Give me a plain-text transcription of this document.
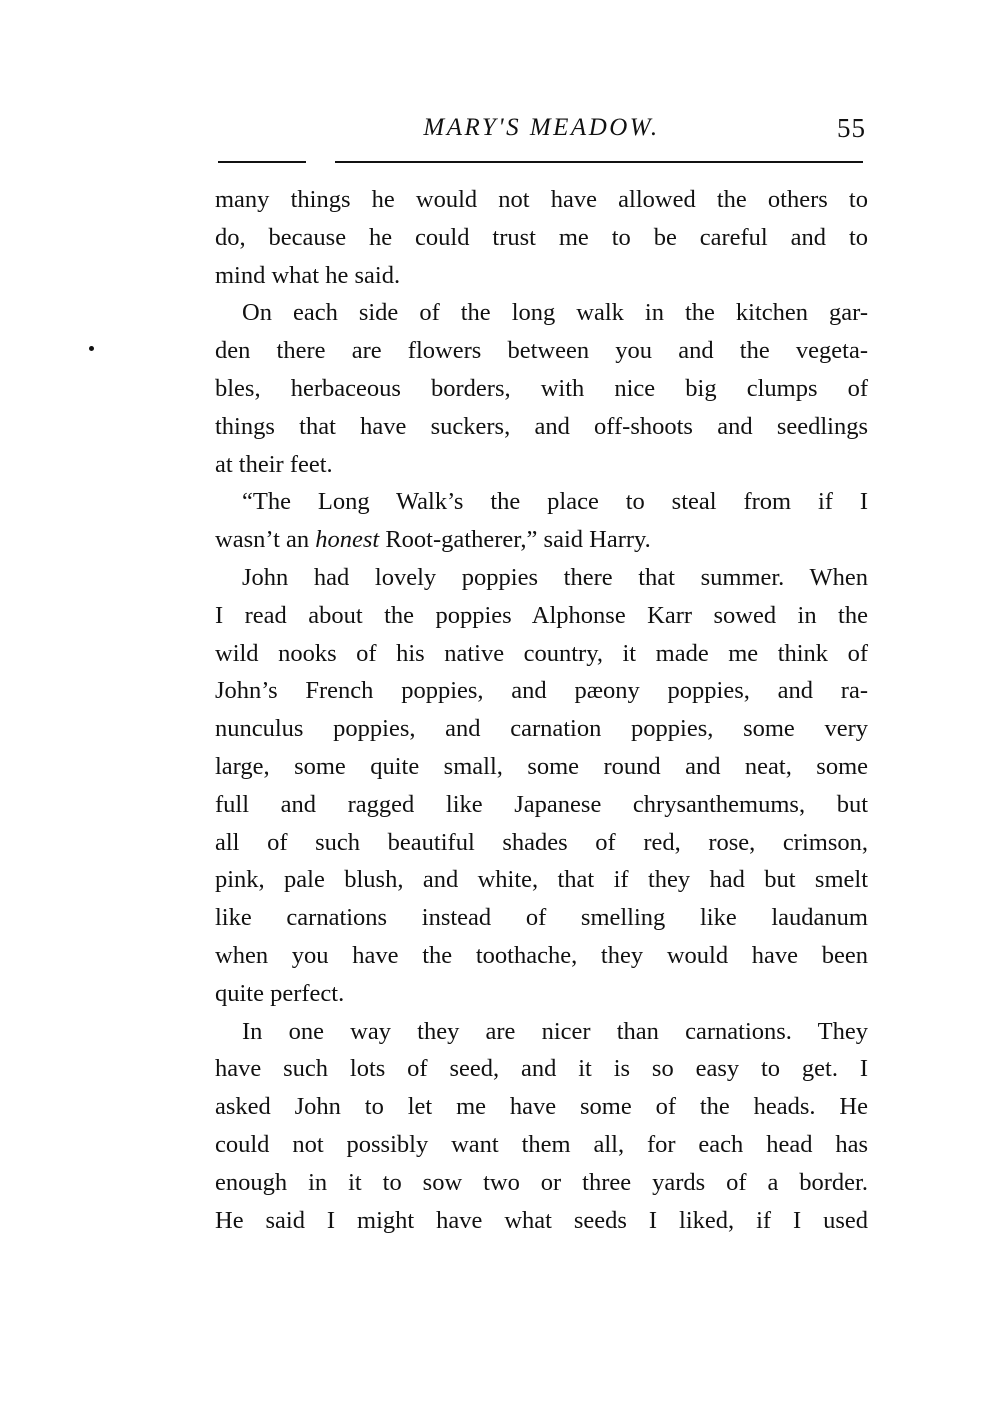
MARY'S MEADOW.	55
many things he would not have allowed the others to
do, because he could trust me to be careful and to
mind what he said.
On each side of the long walk in the kitchen gar-
den there are flowers between you and the vegeta-
bles, herbaceous borders, with nice big clumps of
things that have suckers, and off-shoots and seedlings
at their feet.
“The Long Walk’s the place to steal from if I
wasn’t an honest Root-gatherer,” said Harry.
John had lovely poppies there that summer. When
I read about the poppies Alphonse Karr sowed in the
wild nooks of his native country, it made me think of
John’s French poppies, and pæony poppies, and ra-
nunculus poppies, and carnation poppies, some very
large, some quite small, some round and neat, some
full and ragged like Japanese chrysanthemums, but
all of such beautiful shades of red, rose, crimson,
pink, pale blush, and white, that if they had but smelt
like carnations instead of smelling like laudanum
when you have the toothache, they would have been
quite perfect.
In one way they are nicer than carnations. They
have such lots of seed, and it is so easy to get. I
asked John to let me have some of the heads. He
could not possibly want them all, for each head has
enough in it to sow two or three yards of a border.
He said I might have what seeds I liked, if I used
